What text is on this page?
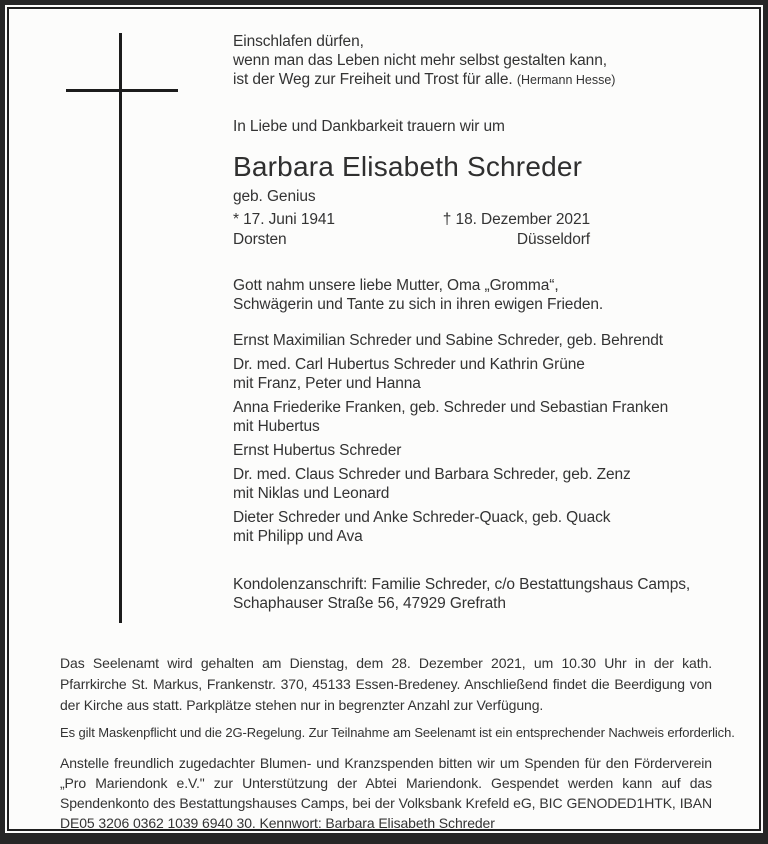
Einschlafen dürfen,
wenn man das Leben nicht mehr selbst gestalten kann,
ist der Weg zur Freiheit und Trost für alle. (Hermann Hesse)
In Liebe und Dankbarkeit trauern wir um
Barbara Elisabeth Schreder
geb. Genius
* 17. Juni 1941
Dorsten
† 18. Dezember 2021
Düsseldorf
Gott nahm unsere liebe Mutter, Oma „Gromma“,
Schwägerin und Tante zu sich in ihren ewigen Frieden.
Ernst Maximilian Schreder und Sabine Schreder, geb. Behrendt
Dr. med. Carl Hubertus Schreder und Kathrin Grüne
mit Franz, Peter und Hanna
Anna Friederike Franken, geb. Schreder und Sebastian Franken
mit Hubertus
Ernst Hubertus Schreder
Dr. med. Claus Schreder und Barbara Schreder, geb. Zenz
mit Niklas und Leonard
Dieter Schreder und Anke Schreder-Quack, geb. Quack
mit Philipp und Ava
Kondolenzanschrift: Familie Schreder, c/o Bestattungshaus Camps,
Schaphauser Straße 56, 47929 Grefrath

Das Seelenamt wird gehalten am Dienstag, dem 28. Dezember 2021, um 10.30 Uhr in der kath. Pfarrkirche St. Markus, Frankenstr. 370, 45133 Essen-Bredeney. Anschließend findet die Beerdigung von der Kirche aus statt. Parkplätze stehen nur in begrenzter Anzahl zur Verfügung.

Es gilt Maskenpflicht und die 2G-Regelung. Zur Teilnahme am Seelenamt ist ein entsprechender Nachweis erforderlich.

Anstelle freundlich zugedachter Blumen- und Kranzspenden bitten wir um Spenden für den Förderverein „Pro Mariendonk e.V." zur Unterstützung der Abtei Mariendonk. Gespendet werden kann auf das Spendenkonto des Bestattungshauses Camps, bei der Volksbank Krefeld eG, BIC GENODED1HTK, IBAN DE05 3206 0362 1039 6940 30. Kennwort: Barbara Elisabeth Schreder
